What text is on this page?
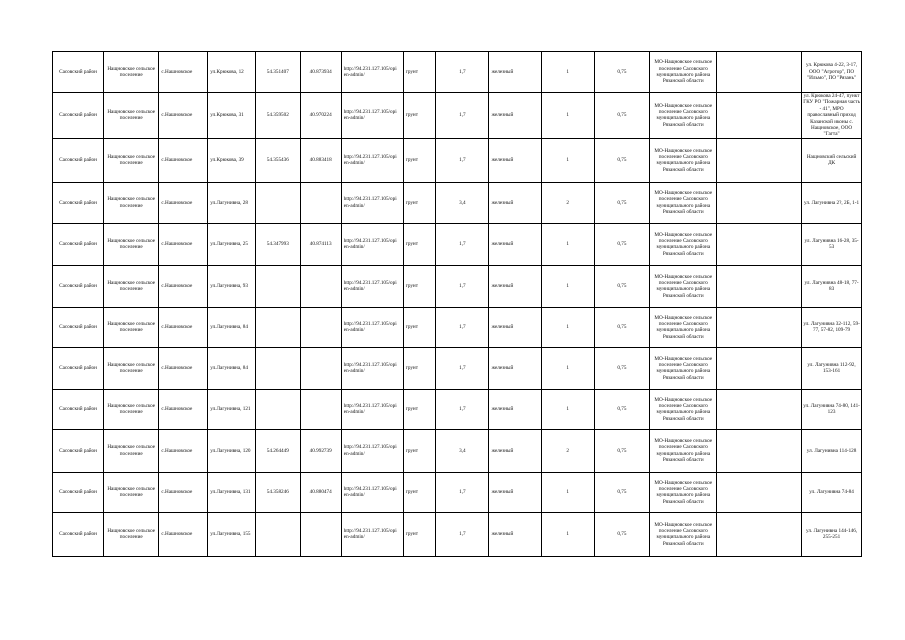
Сасовский район	Нащновское сельское поселение	с.Нашновское	ул.Крюкова, 12	54.351407	40.873934	http://94.231.127.105/opi en-admin/	грунт	1,7	железный	1	0,75	МО-Нащновское сельское поселение Сасовского муниципального района Рязанской области		ул. Крюкова 4-22, 3-17, ООО "Агротор", ПО "Ильмо", ПО "Рязань"
Сасовский район	Нащновское сельское поселение	с.Нашновское	ул.Крюкова, 31	54.359502	40.970224	http://94.231.127.105/opi en-admin/	грунт	1,7	железный	1	0,75	МО-Нащновское сельское поселение Сасовского муниципального района Рязанской области		ул. Крюкова 24-47, пункт ГКУ РО "Пожарная часть - 41", МРО православный приход Казанской иконы с. Нащновское, ООО "Гагта"
Сасовский район	Нащновское сельское поселение	с.Нашновское	ул.Крюкова, 39	54.355436	40.883418	http://94.231.127.105/opi en-admin/	грунт	1,7	железный	1	0,75	МО-Нащновское сельское поселение Сасовского муниципального района Рязанской области		Нащновский сельский ДК
Сасовский район	Нащновское сельское поселение	с.Нашновское	ул.Лагунивна, 28			http://94.231.127.105/opi en-admin/	грунт	3,4	железный	2	0,75	МО-Нащновское сельское поселение Сасовского муниципального района Рязанской области		ул. Лагунивна 2?, 2Б, 1-1
Сасовский район	Нащновское сельское поселение	с.Нашновское	ул.Лагунивна, 25	54.347993	40.874113	http://94.231.127.105/opi en-admin/	грунт	1,7	железный	1	0,75	МО-Нащновское сельское поселение Сасовского муниципального района Рязанской области		ул. Лагунивна 16-28, 35-53
Сасовский район	Нащновское сельское поселение	с.Нашновское	ул.Лагунивна, 93			http://94.231.127.105/opi en-admin/	грунт	1,7	железный	1	0,75	МО-Нащновское сельское поселение Сасовского муниципального района Рязанской области		ул. Лагунивна 48-18, 77-83
Сасовский район	Нащновское сельское поселение	с.Нашновское	ул.Лагунивна, 84			http://94.231.127.105/opi en-admin/	грунт	1,7	железный	1	0,75	МО-Нащновское сельское поселение Сасовского муниципального района Рязанской области		ул. Лагунивна 32-112, 59-77, 57-82, 109-79
Сасовский район	Нащновское сельское поселение	с.Нашновское	ул.Лагунивна, 84			http://94.231.127.105/opi en-admin/	грунт	1,7	железный	1	0,75	МО-Нащновское сельское поселение Сасовского муниципального района Рязанской области		ул. Лагунивна 112-92, 153-161
Сасовский район	Нащновское сельское поселение	с.Нашновское	ул.Лагунивна, 121			http://94.231.127.105/opi en-admin/	грунт	1,7	железный	1	0,75	МО-Нащновское сельское поселение Сасовского муниципального района Рязанской области		ул. Лагунивна 74-80, 141-123
Сасовский район	Нащновское сельское поселение	с.Нашновское	ул.Лагунивна, 120	54.264449	40.992739	http://94.231.127.105/opi en-admin/	грунт	3,4	железный	2	0,75	МО-Нащновское сельское поселение Сасовского муниципального района Рязанской области		ул. Лагунивна 114-128
Сасовский район	Нащновское сельское поселение	с.Нашновское	ул.Лагунивна, 131	54.358246	40.880474	http://94.231.127.105/opi en-admin/	грунт	1,7	железный	1	0,75	МО-Нащновское сельское поселение Сасовского муниципального района Рязанской области		ул. Лагунивна 74-84
Сасовский район	Нащновское сельское поселение	с.Нашновское	ул.Лагунивна, 155			http://94.231.127.105/opi en-admin/	грунт	1,7	железный	1	0,75	МО-Нащновское сельское поселение Сасовского муниципального района Рязанской области		ул. Лагунивна 144-146, 255-251
